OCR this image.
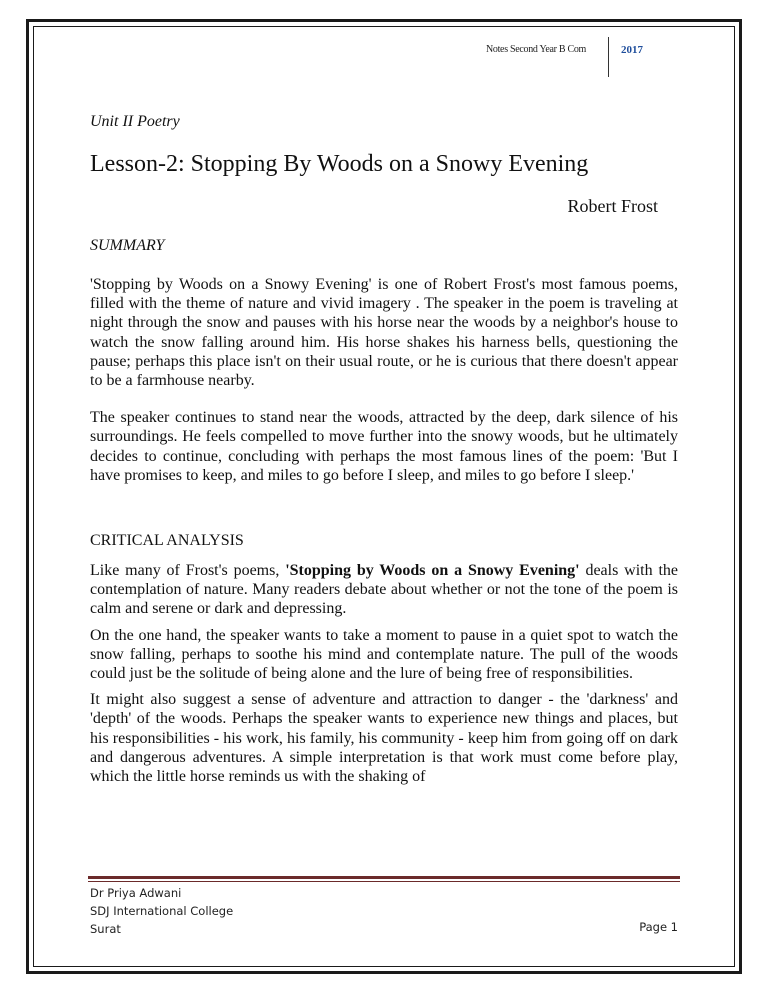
Notes Second Year B Com	2017

Unit II Poetry

Lesson-2: Stopping By Woods on a Snowy Evening

Robert Frost

SUMMARY

'Stopping by Woods on a Snowy Evening' is one of Robert Frost's most famous poems, filled with the theme of nature and vivid imagery . The speaker in the poem is traveling at night through the snow and pauses with his horse near the woods by a neighbor's house to watch the snow falling around him. His horse shakes his harness bells, questioning the pause; perhaps this place isn't on their usual route, or he is curious that there doesn't appear to be a farmhouse nearby.

The speaker continues to stand near the woods, attracted by the deep, dark silence of his surroundings. He feels compelled to move further into the snowy woods, but he ultimately decides to continue, concluding with perhaps the most famous lines of the poem: 'But I have promises to keep, and miles to go before I sleep, and miles to go before I sleep.'

CRITICAL ANALYSIS

Like many of Frost's poems, 'Stopping by Woods on a Snowy Evening' deals with the contemplation of nature. Many readers debate about whether or not the tone of the poem is calm and serene or dark and depressing.

On the one hand, the speaker wants to take a moment to pause in a quiet spot to watch the snow falling, perhaps to soothe his mind and contemplate nature. The pull of the woods could just be the solitude of being alone and the lure of being free of responsibilities.

It might also suggest a sense of adventure and attraction to danger - the 'darkness' and 'depth' of the woods. Perhaps the speaker wants to experience new things and places, but his responsibilities - his work, his family, his community - keep him from going off on dark and dangerous adventures. A simple interpretation is that work must come before play, which the little horse reminds us with the shaking of

Dr Priya Adwani
SDJ International College
Surat	Page 1
